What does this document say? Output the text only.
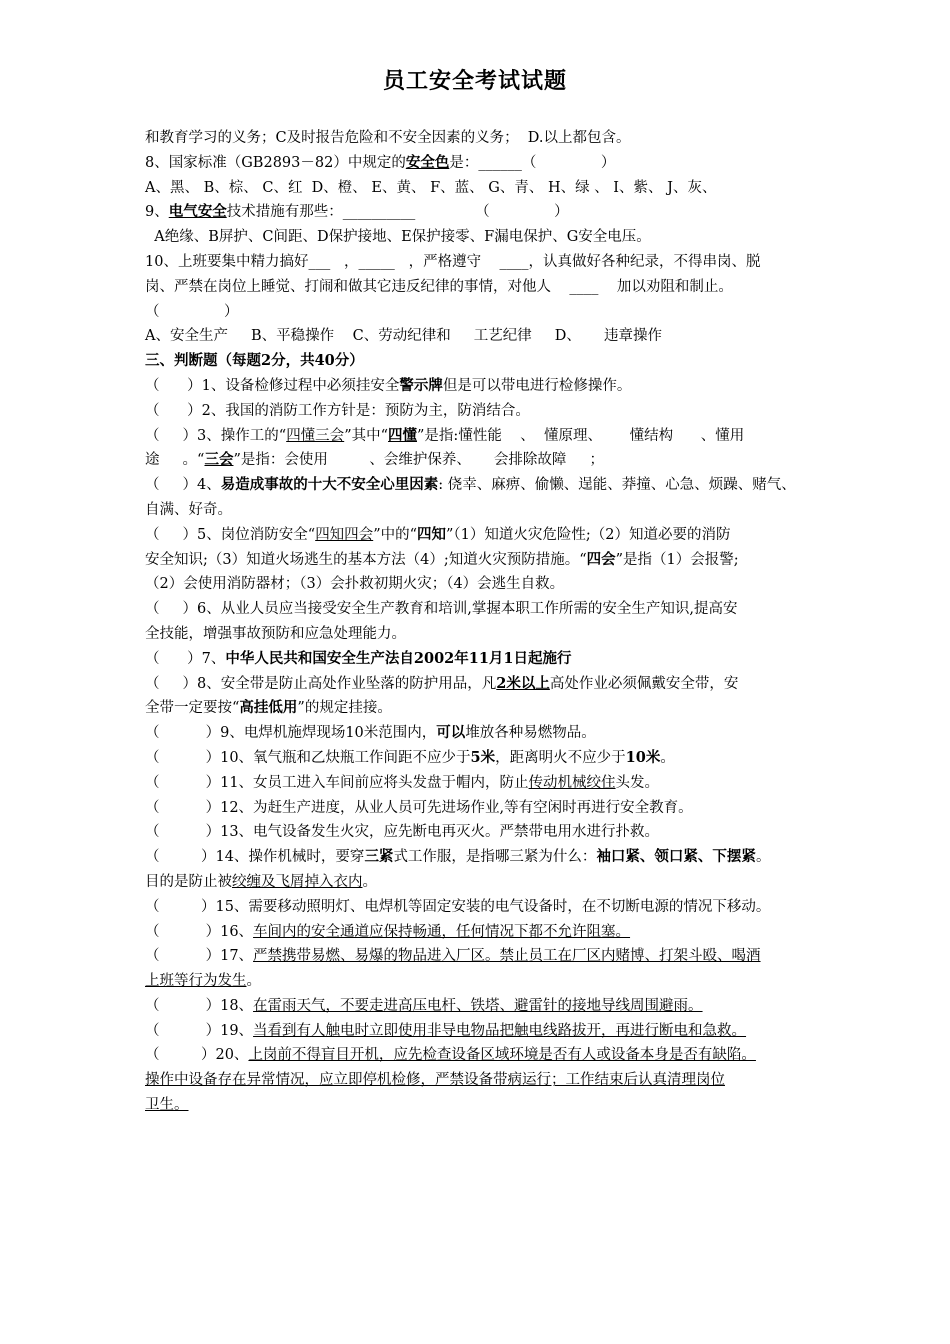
员工安全考试试题

和教育学习的义务；C及时报告危险和不安全因素的义务；  D.以上都包含。

8、国家标准（GB2893－82）中规定的安全色是：______（              ）

A、黑、 B、棕、 C、红  D、橙、 E、黄、 F、蓝、 G、青、 H、绿 、 I、紫、 J、灰、

9、电气安全技术措施有那些：__________             （              ）

A绝缘、B屏护、C间距、D保护接地、E保护接零、F漏电保护、G安全电压。

10、上班要集中精力搞好___   ，_____   ，严格遵守    ____，认真做好各种纪录，不得串岗、脱

岗、严禁在岗位上睡觉、打闹和做其它违反纪律的事情，对他人    ____    加以劝阻和制止。

（              ）

A、安全生产     B、平稳操作    C、劳动纪律和     工艺纪律     D、     违章操作

三、判断题（每题2分，共40分）

（      ）1、设备检修过程中必须挂安全警示牌但是可以带电进行检修操作。

（      ）2、我国的消防工作方针是：预防为主，防消结合。

（     ）3、操作工的“四懂三会”其中“四懂”是指:懂性能    、  懂原理、      懂结构      、懂用

途     。“三会”是指：会使用         、会维护保养、     会排除故障     ；

（     ）4、易造成事故的十大不安全心里因素: 侥幸、麻痹、偷懒、逞能、莽撞、心急、烦躁、赌气、

自满、好奇。

（     ）5、岗位消防安全“四知四会”中的“四知”（1）知道火灾危险性;（2）知道必要的消防

安全知识;（3）知道火场逃生的基本方法（4）;知道火灾预防措施。“四会”是指（1）会报警;

（2）会使用消防器材；（3）会扑救初期火灾；（4）会逃生自救。

（     ）6、从业人员应当接受安全生产教育和培训,掌握本职工作所需的安全生产知识,提高安

全技能，增强事故预防和应急处理能力。

（      ）7、中华人民共和国安全生产法自2002年11月1日起施行

（     ）8、安全带是防止高处作业坠落的防护用品，凡2米以上高处作业必须佩戴安全带，安

全带一定要按“高挂低用”的规定挂接。

（          ）9、电焊机施焊现场10米范围内，可以堆放各种易燃物品。

（          ）10、氧气瓶和乙炔瓶工作间距不应少于5米，距离明火不应少于10米。

（          ）11、女员工进入车间前应将头发盘于帽内，防止传动机械绞住头发。

（          ）12、为赶生产进度，从业人员可先进场作业,等有空闲时再进行安全教育。

（          ）13、电气设备发生火灾，应先断电再灭火。严禁带电用水进行扑救。

（         ）14、操作机械时，要穿三紧式工作服，是指哪三紧为什么：袖口紧、领口紧、下摆紧。

目的是防止被绞缠及飞屑掉入衣内。

（         ）15、需要移动照明灯、电焊机等固定安装的电气设备时，在不切断电源的情况下移动。

（          ）16、车间内的安全通道应保持畅通，任何情况下都不允许阻塞。

（          ）17、严禁携带易燃、易爆的物品进入厂区。禁止员工在厂区内赌博、打架斗殴、喝酒

上班等行为发生。

（          ）18、在雷雨天气，不要走进高压电杆、铁塔、避雷针的接地导线周围避雨。

（          ）19、当看到有人触电时立即使用非导电物品把触电线路拔开，再进行断电和急救。

（         ）20、上岗前不得盲目开机，应先检查设备区域环境是否有人或设备本身是否有缺陷。

操作中设备存在异常情况，应立即停机检修，严禁设备带病运行；工作结束后认真清理岗位

卫生。
